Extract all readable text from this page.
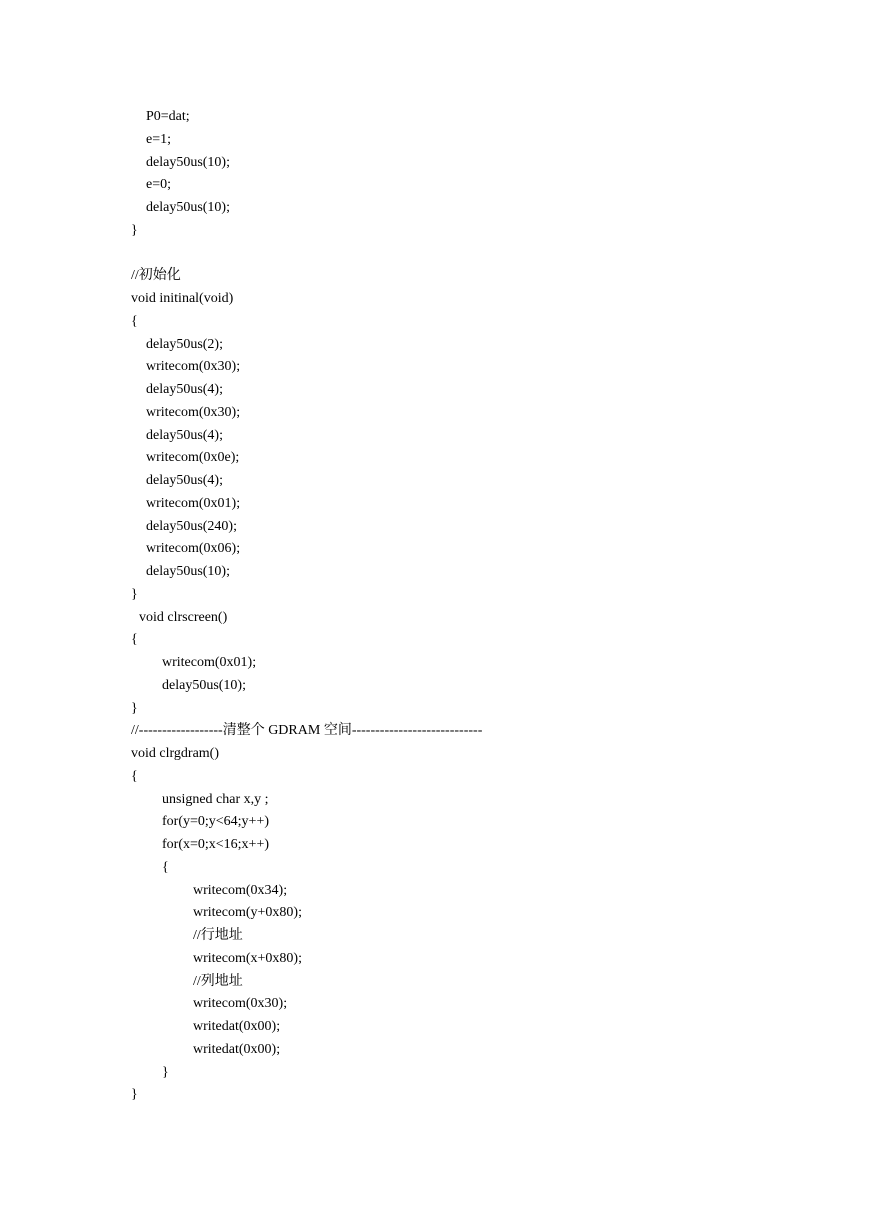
P0=dat;
e=1;
delay50us(10);
e=0;
delay50us(10);
}
//初始化
void initinal(void)
{
delay50us(2);
writecom(0x30);
delay50us(4);
writecom(0x30);
delay50us(4);
writecom(0x0e);
delay50us(4);
writecom(0x01);
delay50us(240);
writecom(0x06);
delay50us(10);
}
void clrscreen()
{
writecom(0x01);
delay50us(10);
}
//------------------清整个 GDRAM 空间----------------------------
void clrgdram()
{
unsigned char x,y ;
for(y=0;y<64;y++)
for(x=0;x<16;x++)
{
writecom(0x34);
writecom(y+0x80);
//行地址
writecom(x+0x80);
//列地址
writecom(0x30);
writedat(0x00);
writedat(0x00);
}
}
